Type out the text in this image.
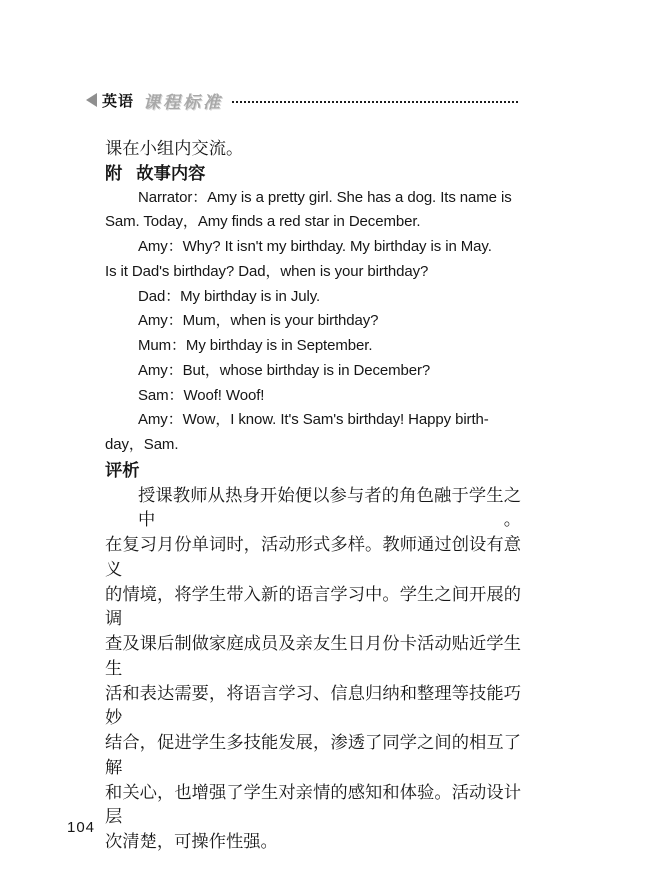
英语 课程标准
课在小组内交流。
附 故事内容
Narrator：Amy is a pretty girl. She has a dog. Its name is
Sam. Today，Amy finds a red star in December.
Amy：Why? It isn't my birthday. My birthday is in May.
Is it Dad's birthday? Dad，when is your birthday?
Dad：My birthday is in July.
Amy：Mum，when is your birthday?
Mum：My birthday is in September.
Amy：But，whose birthday is in December?
Sam：Woof! Woof!
Amy：Wow，I know. It's Sam's birthday! Happy birth-
day，Sam.
评析
授课教师从热身开始便以参与者的角色融于学生之中。
在复习月份单词时，活动形式多样。教师通过创设有意义
的情境，将学生带入新的语言学习中。学生之间开展的调
查及课后制做家庭成员及亲友生日月份卡活动贴近学生生
活和表达需要，将语言学习、信息归纳和整理等技能巧妙
结合，促进学生多技能发展，渗透了同学之间的相互了解
和关心，也增强了学生对亲情的感知和体验。活动设计层
次清楚，可操作性强。
104
